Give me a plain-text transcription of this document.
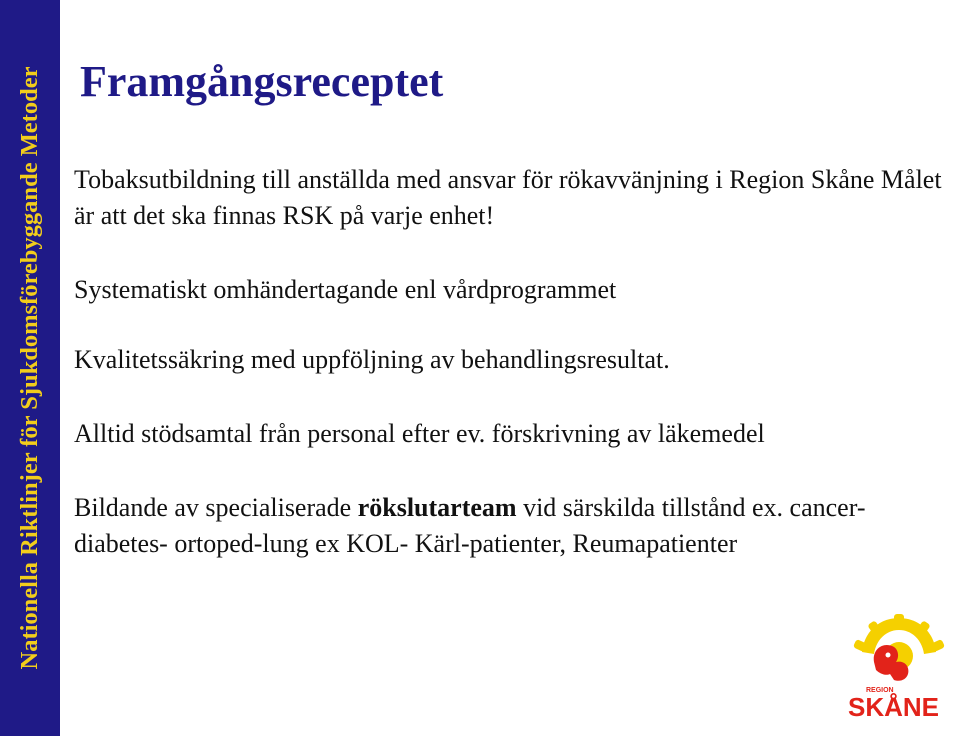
Nationella Riktlinjer för Sjukdomsförebyggande Metoder Framgångsreceptet

Tobaksutbildning till anställda med ansvar för rökavvänjning i Region Skåne Målet är att det ska finnas RSK på varje enhet!

Systematiskt omhändertagande enl vårdprogrammet

Kvalitetssäkring med uppföljning av behandlingsresultat.

Alltid stödsamtal från personal efter ev. förskrivning av läkemedel

Bildande av specialiserade rökslutarteam vid särskilda tillstånd ex. cancer- diabetes- ortoped-lung ex KOL- Kärl-patienter, Reumapatienter

REGION
SKÅNE
